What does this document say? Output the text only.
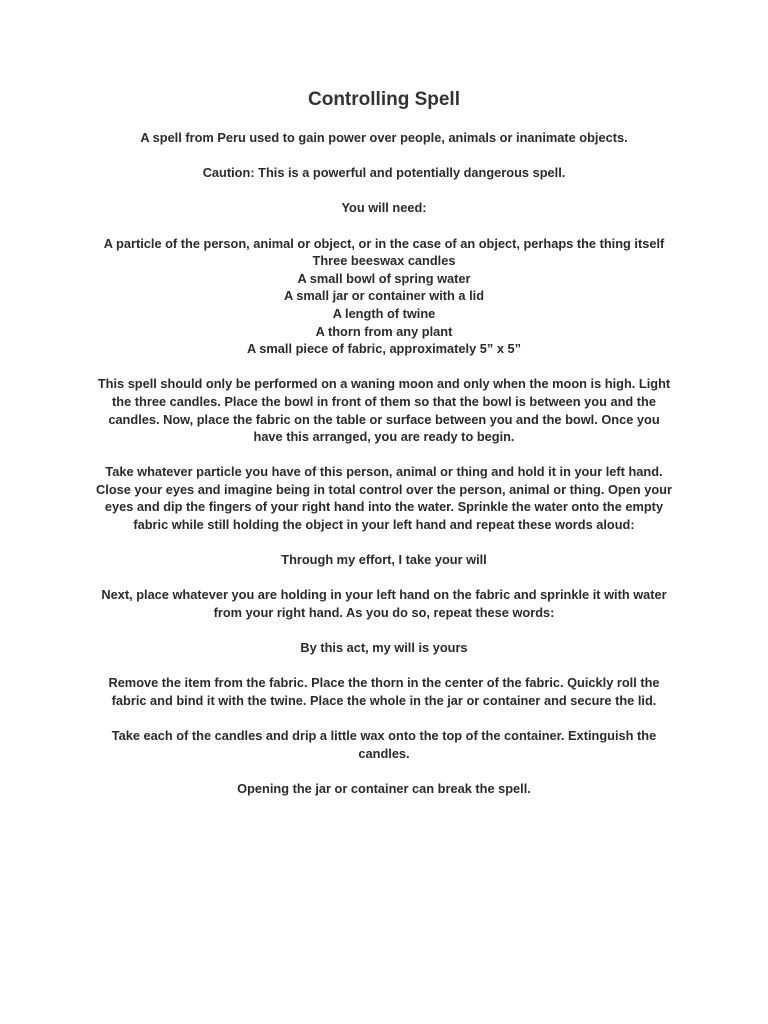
Controlling Spell

A spell from Peru used to gain power over people, animals or inanimate objects.

Caution: This is a powerful and potentially dangerous spell.

You will need:

A particle of the person, animal or object, or in the case of an object, perhaps the thing itself
Three beeswax candles
A small bowl of spring water
A small jar or container with a lid
A length of twine
A thorn from any plant
A small piece of fabric, approximately 5” x 5”

This spell should only be performed on a waning moon and only when the moon is high. Light the three candles. Place the bowl in front of them so that the bowl is between you and the candles. Now, place the fabric on the table or surface between you and the bowl. Once you have this arranged, you are ready to begin.

Take whatever particle you have of this person, animal or thing and hold it in your left hand. Close your eyes and imagine being in total control over the person, animal or thing. Open your eyes and dip the fingers of your right hand into the water. Sprinkle the water onto the empty fabric while still holding the object in your left hand and repeat these words aloud:

Through my effort, I take your will

Next, place whatever you are holding in your left hand on the fabric and sprinkle it with water from your right hand. As you do so, repeat these words:

By this act, my will is yours

Remove the item from the fabric. Place the thorn in the center of the fabric. Quickly roll the fabric and bind it with the twine. Place the whole in the jar or container and secure the lid.

Take each of the candles and drip a little wax onto the top of the container. Extinguish the candles.

Opening the jar or container can break the spell.
